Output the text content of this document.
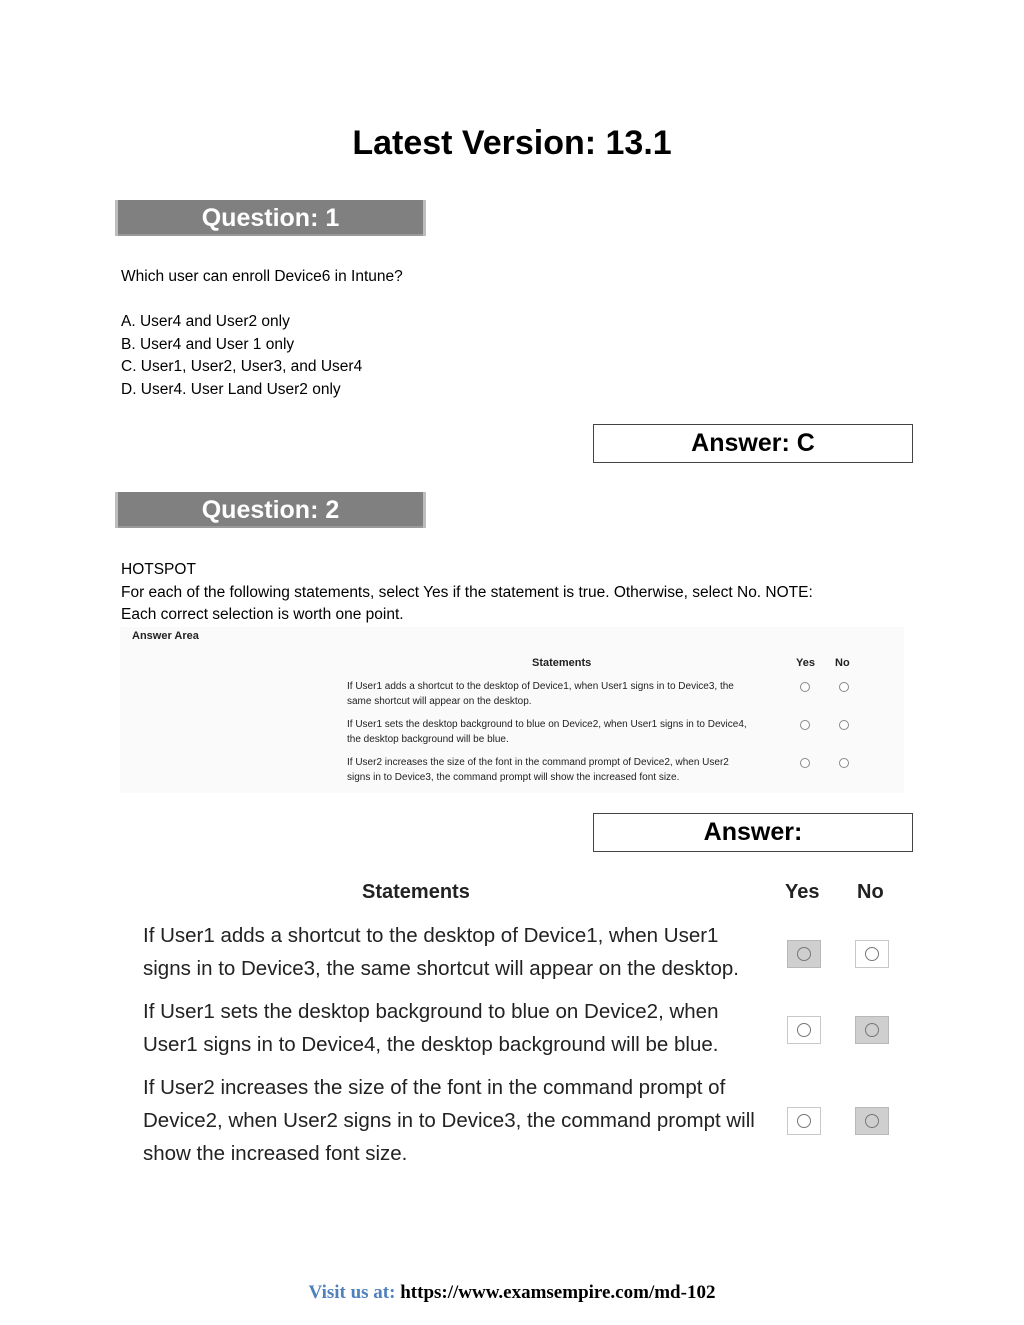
Latest Version: 13.1
Question: 1
Which user can enroll Device6 in Intune?
A. User4 and User2 only
B. User4 and User 1 only
C. User1, User2, User3, and User4
D. User4. User Land User2 only
Answer: C
Question: 2
HOTSPOT
For each of the following statements, select Yes if the statement is true. Otherwise, select No. NOTE:
Each correct selection is worth one point.
Answer Area
Statements	Yes No
If User1 adds a shortcut to the desktop of Device1, when User1 signs in to Device3, the
same shortcut will appear on the desktop.
If User1 sets the desktop background to blue on Device2, when User1 signs in to Device4,
the desktop background will be blue.
If User2 increases the size of the font in the command prompt of Device2, when User2
signs in to Device3, the command prompt will show the increased font size.
Answer:
Statements	Yes No
If User1 adds a shortcut to the desktop of Device1, when User1
signs in to Device3, the same shortcut will appear on the desktop.
If User1 sets the desktop background to blue on Device2, when
User1 signs in to Device4, the desktop background will be blue.
If User2 increases the size of the font in the command prompt of
Device2, when User2 signs in to Device3, the command prompt will
show the increased font size.
Visit us at: https://www.examsempire.com/md-102
